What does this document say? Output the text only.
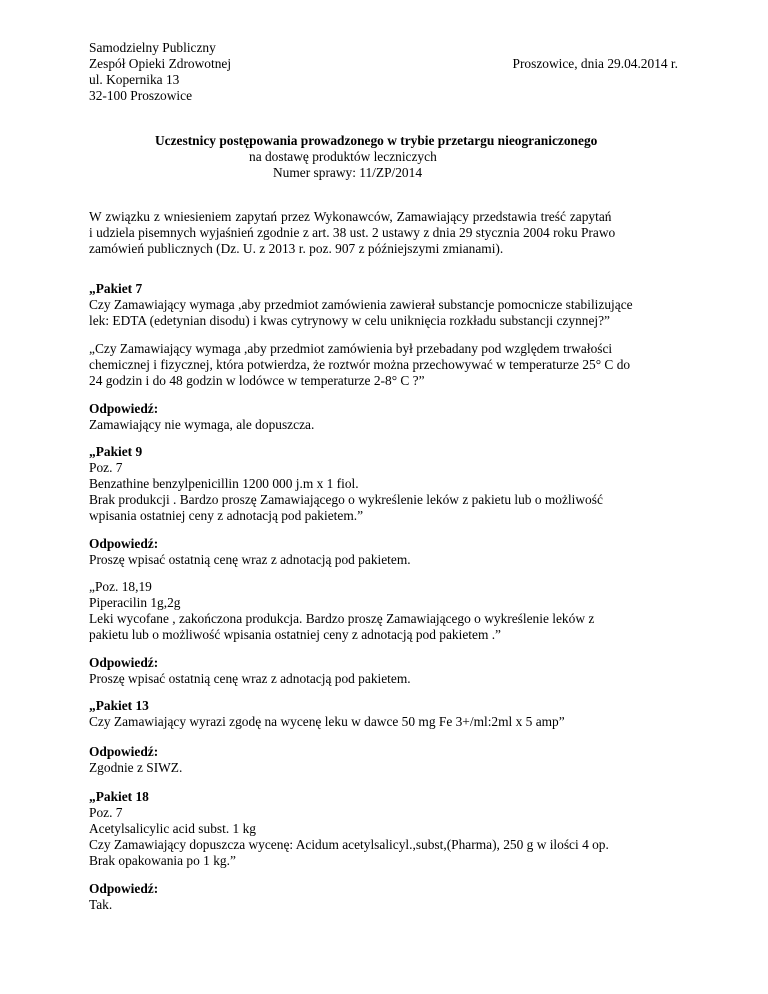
Samodzielny Publiczny
Zespół Opieki Zdrowotnej
ul. Kopernika 13
32-100 Proszowice
Proszowice, dnia 29.04.2014 r.
Uczestnicy postępowania prowadzonego w trybie przetargu nieograniczonego
na dostawę produktów leczniczych
Numer sprawy: 11/ZP/2014
W związku z wniesieniem zapytań przez Wykonawców, Zamawiający przedstawia treść zapytań
i udziela pisemnych wyjaśnień zgodnie z art. 38 ust. 2 ustawy z dnia 29 stycznia 2004 roku Prawo
zamówień publicznych (Dz. U. z 2013 r. poz. 907 z późniejszymi zmianami).
„Pakiet 7
Czy Zamawiający wymaga ,aby przedmiot zamówienia zawierał substancje pomocnicze stabilizujące
lek: EDTA (edetynian disodu) i kwas cytrynowy w celu uniknięcia rozkładu substancji czynnej?”
„Czy Zamawiający wymaga ,aby przedmiot zamówienia był przebadany pod względem trwałości
chemicznej i fizycznej, która potwierdza, że roztwór można przechowywać w temperaturze 25° C do
24 godzin i do 48 godzin w lodówce w temperaturze 2-8° C ?”
Odpowiedź:
Zamawiający nie wymaga, ale dopuszcza.
„Pakiet 9
Poz. 7
Benzathine benzylpenicillin 1200 000 j.m x 1 fiol.
Brak produkcji . Bardzo proszę Zamawiającego o wykreślenie leków z pakietu lub o możliwość
wpisania ostatniej ceny z adnotacją pod pakietem.”
Odpowiedź:
Proszę wpisać ostatnią cenę wraz z adnotacją pod pakietem.
„Poz. 18,19
Piperacilin 1g,2g
Leki wycofane , zakończona produkcja. Bardzo proszę Zamawiającego o wykreślenie leków z
pakietu lub o możliwość wpisania ostatniej ceny z adnotacją pod pakietem .”
Odpowiedź:
Proszę wpisać ostatnią cenę wraz z adnotacją pod pakietem.
„Pakiet 13
Czy Zamawiający wyrazi zgodę na wycenę leku w dawce 50 mg Fe 3+/ml:2ml x 5 amp”
Odpowiedź:
Zgodnie z SIWZ.
„Pakiet 18
Poz. 7
Acetylsalicylic acid subst. 1 kg
Czy Zamawiający dopuszcza wycenę: Acidum acetylsalicyl.,subst,(Pharma), 250 g w ilości 4 op.
Brak opakowania po 1 kg.”
Odpowiedź:
Tak.
